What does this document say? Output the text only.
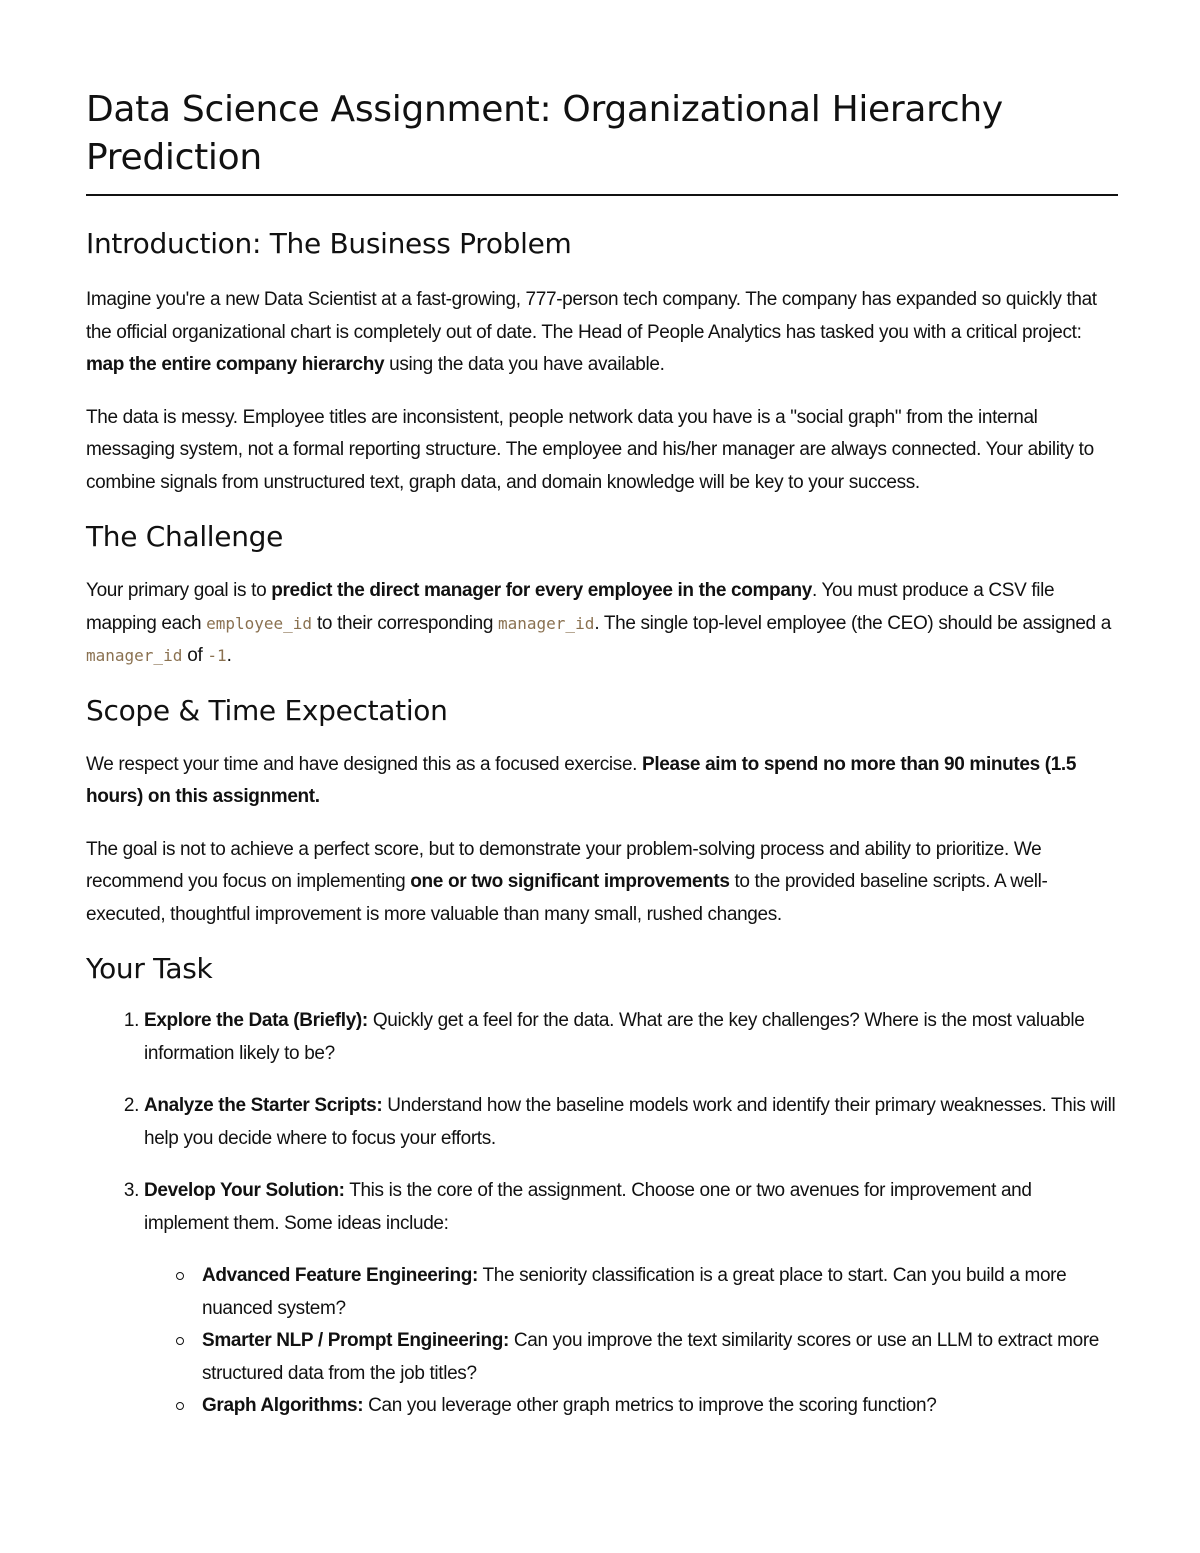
Data Science Assignment: Organizational Hierarchy Prediction
Introduction: The Business Problem

Imagine you're a new Data Scientist at a fast-growing, 777-person tech company. The company has expanded so quickly that the official organizational chart is completely out of date. The Head of People Analytics has tasked you with a critical project: map the entire company hierarchy using the data you have available.

The data is messy. Employee titles are inconsistent, people network data you have is a "social graph" from the internal messaging system, not a formal reporting structure. The employee and his/her manager are always connected. Your ability to combine signals from unstructured text, graph data, and domain knowledge will be key to your success.

The Challenge

Your primary goal is to predict the direct manager for every employee in the company. You must produce a CSV file mapping each employee_id to their corresponding manager_id. The single top-level employee (the CEO) should be assigned a manager_id of -1.

Scope & Time Expectation

We respect your time and have designed this as a focused exercise. Please aim to spend no more than 90 minutes (1.5 hours) on this assignment.

The goal is not to achieve a perfect score, but to demonstrate your problem-solving process and ability to prioritize. We recommend you focus on implementing one or two significant improvements to the provided baseline scripts. A well-executed, thoughtful improvement is more valuable than many small, rushed changes.

Your Task
1. Explore the Data (Briefly): Quickly get a feel for the data. What are the key challenges? Where is the most valuable information likely to be?
2. Analyze the Starter Scripts: Understand how the baseline models work and identify their primary weaknesses. This will help you decide where to focus your efforts.
3. Develop Your Solution: This is the core of the assignment. Choose one or two avenues for improvement and implement them. Some ideas include:
Advanced Feature Engineering: The seniority classification is a great place to start. Can you build a more nuanced system?
Smarter NLP / Prompt Engineering: Can you improve the text similarity scores or use an LLM to extract more structured data from the job titles?
Graph Algorithms: Can you leverage other graph metrics to improve the scoring function?
